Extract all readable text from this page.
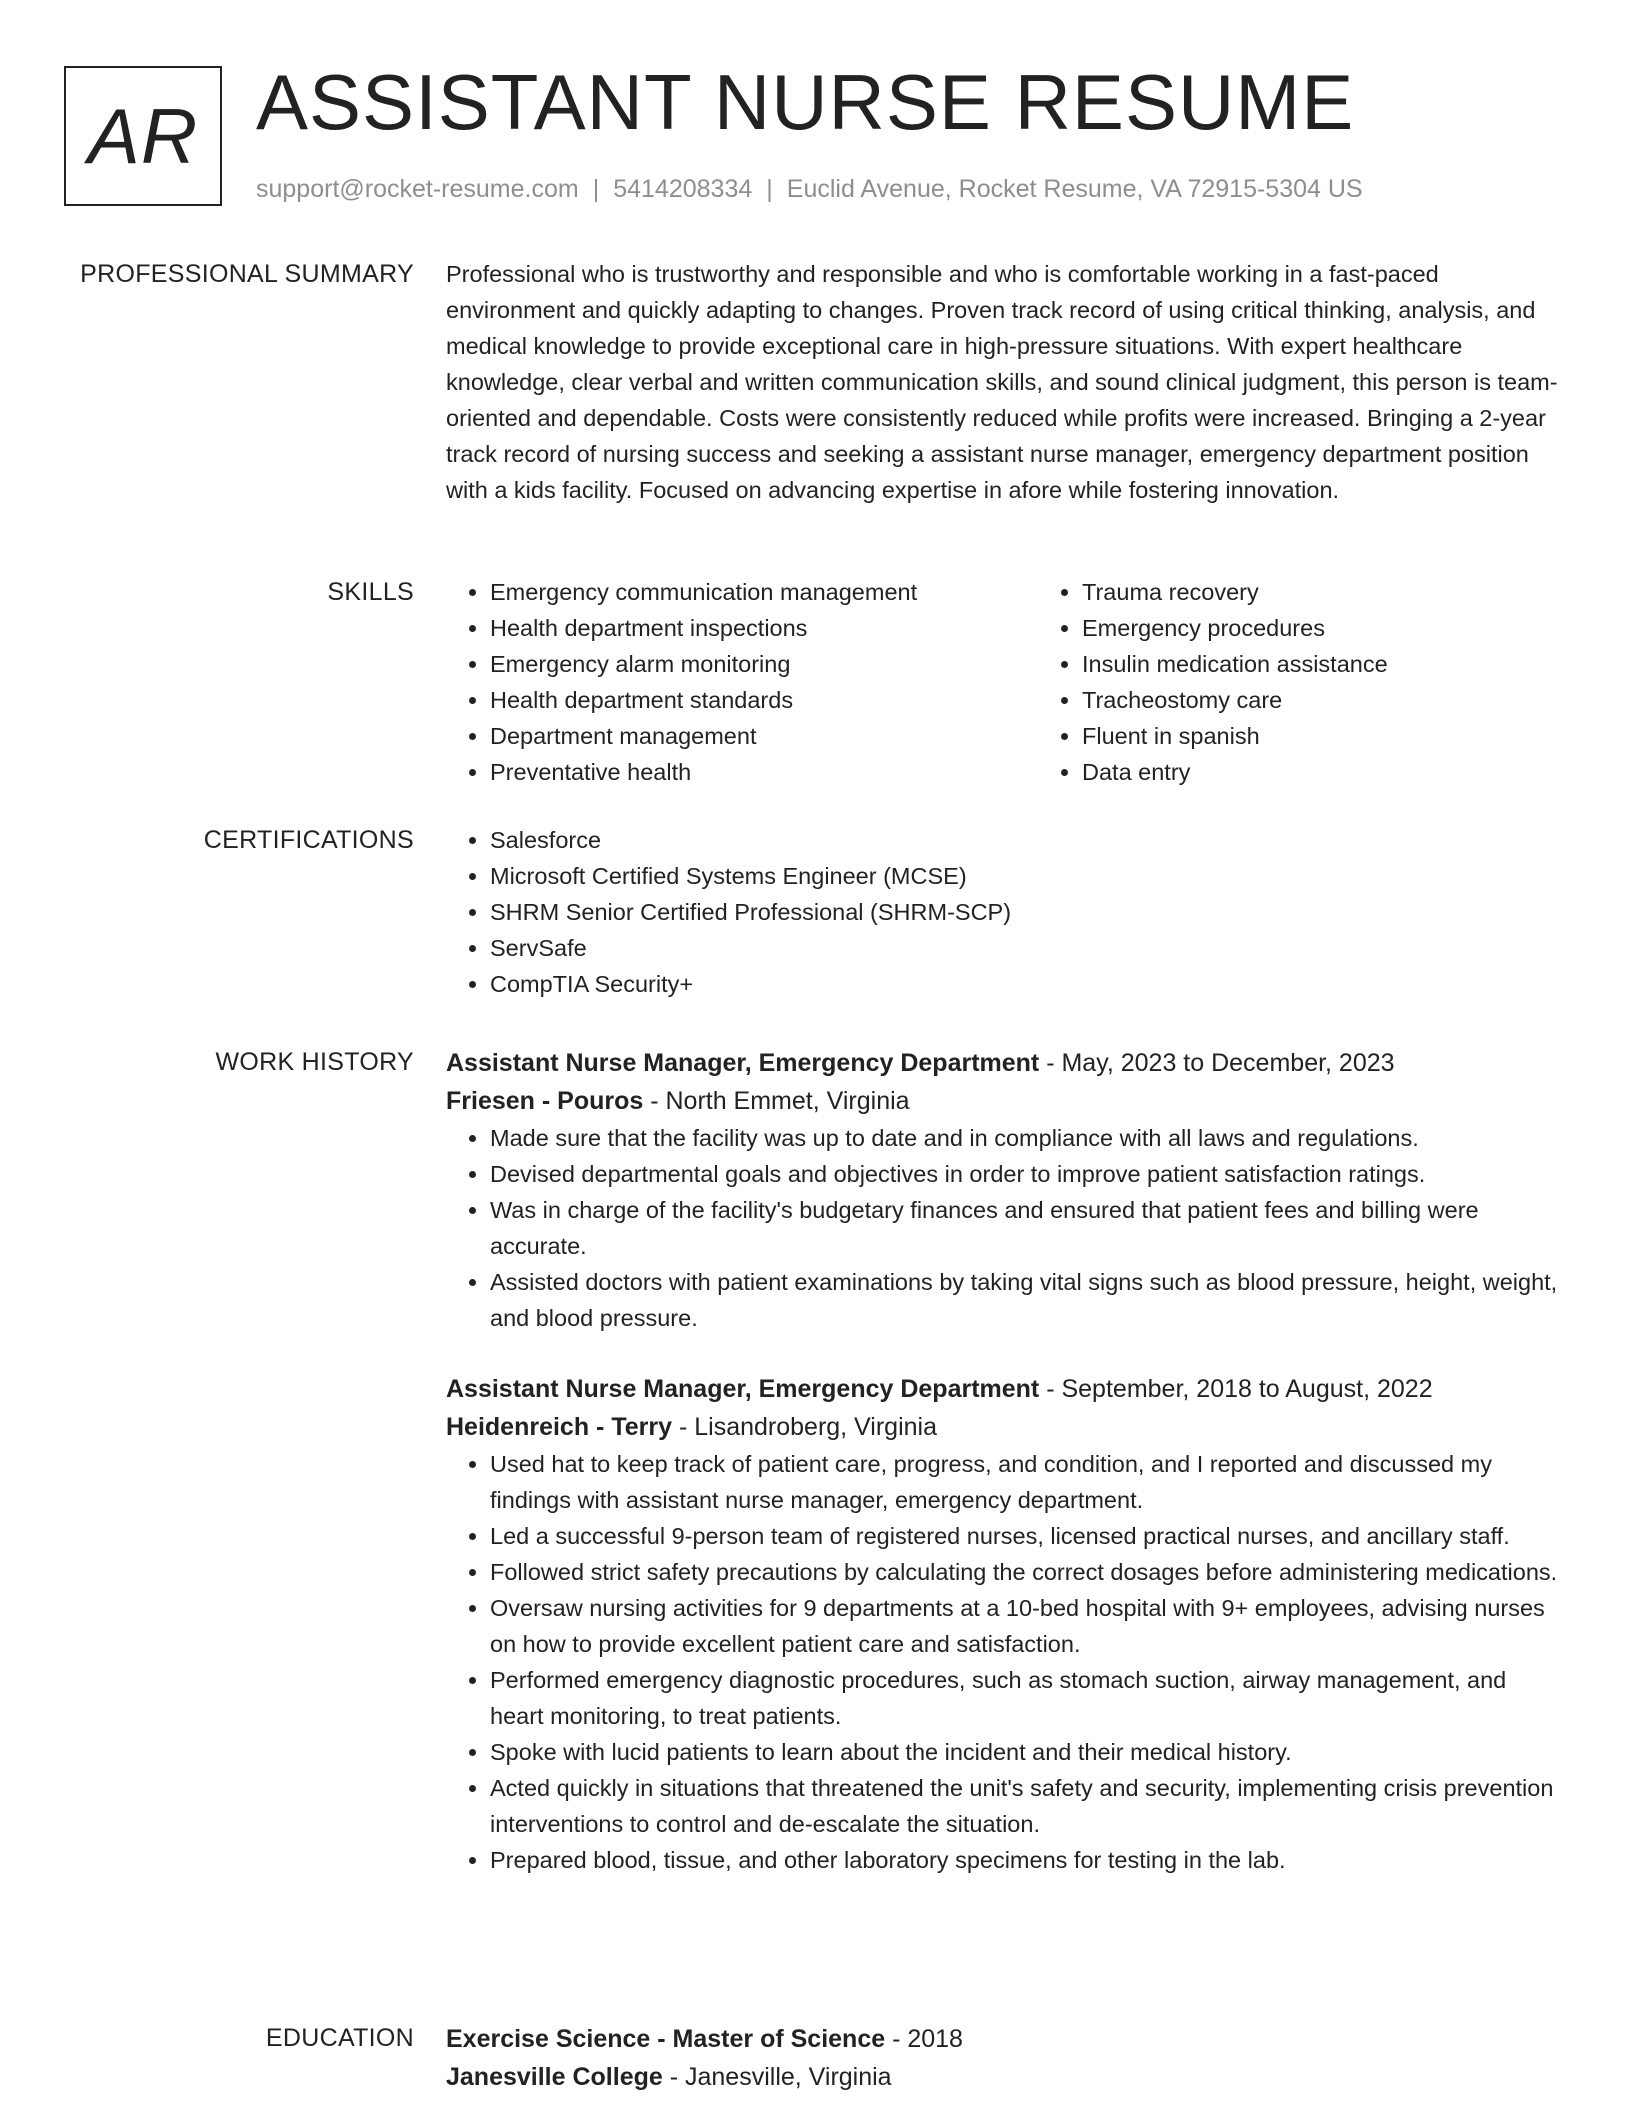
AR ASSISTANT NURSE RESUME
support@rocket-resume.com | 5414208334 | Euclid Avenue, Rocket Resume, VA 72915-5304 US
PROFESSIONAL SUMMARY Professional who is trustworthy and responsible and who is comfortable working in a fast-paced environment and quickly adapting to changes. Proven track record of using critical thinking, analysis, and medical knowledge to provide exceptional care in high-pressure situations. With expert healthcare knowledge, clear verbal and written communication skills, and sound clinical judgment, this person is team-oriented and dependable. Costs were consistently reduced while profits were increased. Bringing a 2-year track record of nursing success and seeking a assistant nurse manager, emergency department position with a kids facility. Focused on advancing expertise in afore while fostering innovation.

SKILLS	• Emergency communication management
• Health department inspections
• Emergency alarm monitoring
• Health department standards
• Department management
• Preventative health
• Trauma recovery
• Emergency procedures
• Insulin medication assistance
• Tracheostomy care
• Fluent in spanish
• Data entry
CERTIFICATIONS	• Salesforce
• Microsoft Certified Systems Engineer (MCSE)
• SHRM Senior Certified Professional (SHRM-SCP)
• ServSafe
• CompTIA Security+
WORK HISTORY Assistant Nurse Manager, Emergency Department - May, 2023 to December, 2023
Friesen - Pouros - North Emmet, Virginia
• Made sure that the facility was up to date and in compliance with all laws and regulations.
• Devised departmental goals and objectives in order to improve patient satisfaction ratings.
• Was in charge of the facility's budgetary finances and ensured that patient fees and billing were accurate.
• Assisted doctors with patient examinations by taking vital signs such as blood pressure, height, weight, and blood pressure.
Assistant Nurse Manager, Emergency Department - September, 2018 to August, 2022
Heidenreich - Terry - Lisandroberg, Virginia
• Used hat to keep track of patient care, progress, and condition, and I reported and discussed my findings with assistant nurse manager, emergency department.
• Led a successful 9-person team of registered nurses, licensed practical nurses, and ancillary staff.
• Followed strict safety precautions by calculating the correct dosages before administering medications.
• Oversaw nursing activities for 9 departments at a 10-bed hospital with 9+ employees, advising nurses on how to provide excellent patient care and satisfaction.
• Performed emergency diagnostic procedures, such as stomach suction, airway management, and heart monitoring, to treat patients.
• Spoke with lucid patients to learn about the incident and their medical history.
• Acted quickly in situations that threatened the unit's safety and security, implementing crisis prevention interventions to control and de-escalate the situation.
• Prepared blood, tissue, and other laboratory specimens for testing in the lab.
EDUCATION Exercise Science - Master of Science - 2018
Janesville College - Janesville, Virginia
